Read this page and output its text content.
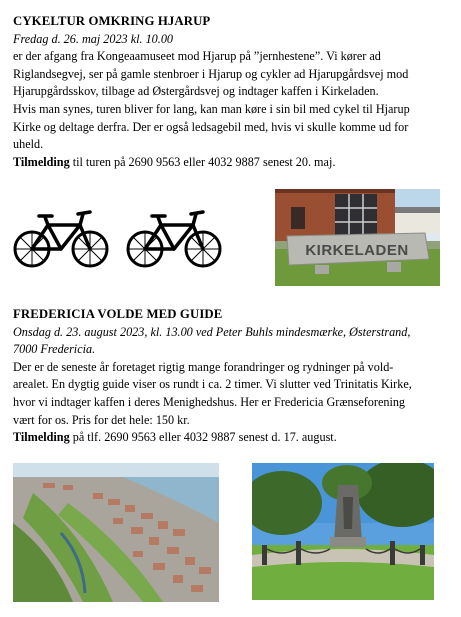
CYKELTUR OMKRING HJARUP
Fredag d. 26. maj 2023 kl. 10.00

er der afgang fra Kongeaamuseet mod Hjarup på ”jernhestene”. Vi kører ad

Riglandsegvej, ser på gamle stenbroer i Hjarup og cykler ad Hjarupgårdsvej mod

Hjarupgårdsskov, tilbage ad Østergårdsvej og indtager kaffen i Kirkeladen.

Hvis man synes, turen bliver for lang, kan man køre i sin bil med cykel til Hjarup

Kirke og deltage derfra. Der er også ledsagebil med, hvis vi skulle komme ud for

uheld.

Tilmelding til turen på 2690 9563 eller 4032 9887 senest 20. maj.

KIRKELADEN
FREDERICIA VOLDE MED GUIDE
Onsdag d. 23. august 2023, kl. 13.00 ved Peter Buhls mindesmærke, Østerstrand,
7000 Fredericia.

Der er de seneste år foretaget rigtig mange forandringer og rydninger på vold-

arealet. En dygtig guide viser os rundt i ca. 2 timer. Vi slutter ved Trinitatis Kirke,

hvor vi indtager kaffen i deres Menighedshus. Her er Fredericia Grænseforening

vært for os. Pris for det hele: 150 kr.

Tilmelding på tlf. 2690 9563 eller 4032 9887 senest d. 17. august.
